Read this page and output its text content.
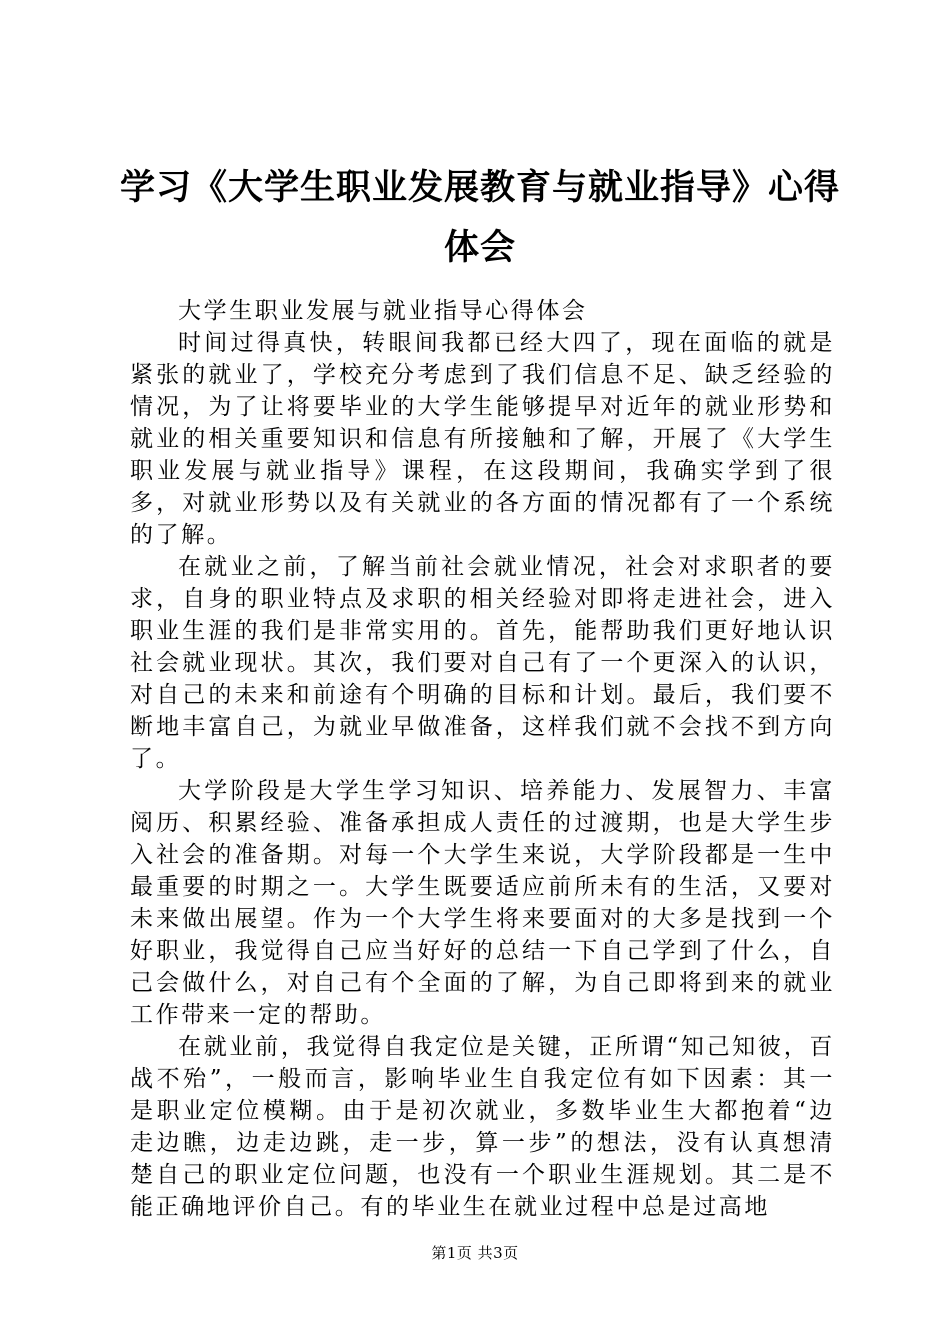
学习《大学生职业发展教育与就业指导》心得体会

大学生职业发展与就业指导心得体会

时间过得真快，转眼间我都已经大四了，现在面临的就是紧张的就业了，学校充分考虑到了我们信息不足、缺乏经验的情况，为了让将要毕业的大学生能够提早对近年的就业形势和就业的相关重要知识和信息有所接触和了解，开展了《大学生职业发展与就业指导》课程，在这段期间，我确实学到了很多，对就业形势以及有关就业的各方面的情况都有了一个系统的了解。

在就业之前，了解当前社会就业情况，社会对求职者的要求，自身的职业特点及求职的相关经验对即将走进社会，进入职业生涯的我们是非常实用的。首先，能帮助我们更好地认识社会就业现状。其次，我们要对自己有了一个更深入的认识，对自己的未来和前途有个明确的目标和计划。最后，我们要不断地丰富自己，为就业早做准备，这样我们就不会找不到方向了。

大学阶段是大学生学习知识、培养能力、发展智力、丰富阅历、积累经验、准备承担成人责任的过渡期，也是大学生步入社会的准备期。对每一个大学生来说，大学阶段都是一生中最重要的时期之一。大学生既要适应前所未有的生活，又要对未来做出展望。作为一个大学生将来要面对的大多是找到一个好职业，我觉得自己应当好好的总结一下自己学到了什么，自己会做什么，对自己有个全面的了解，为自己即将到来的就业工作带来一定的帮助。

在就业前，我觉得自我定位是关键，正所谓“知己知彼，百战不殆”，一般而言，影响毕业生自我定位有如下因素：其一是职业定位模糊。由于是初次就业，多数毕业生大都抱着“边走边瞧，边走边跳，走一步，算一步”的想法，没有认真想清楚自己的职业定位问题，也没有一个职业生涯规划。其二是不能正确地评价自己。有的毕业生在就业过程中总是过高地

第1页 共3页
